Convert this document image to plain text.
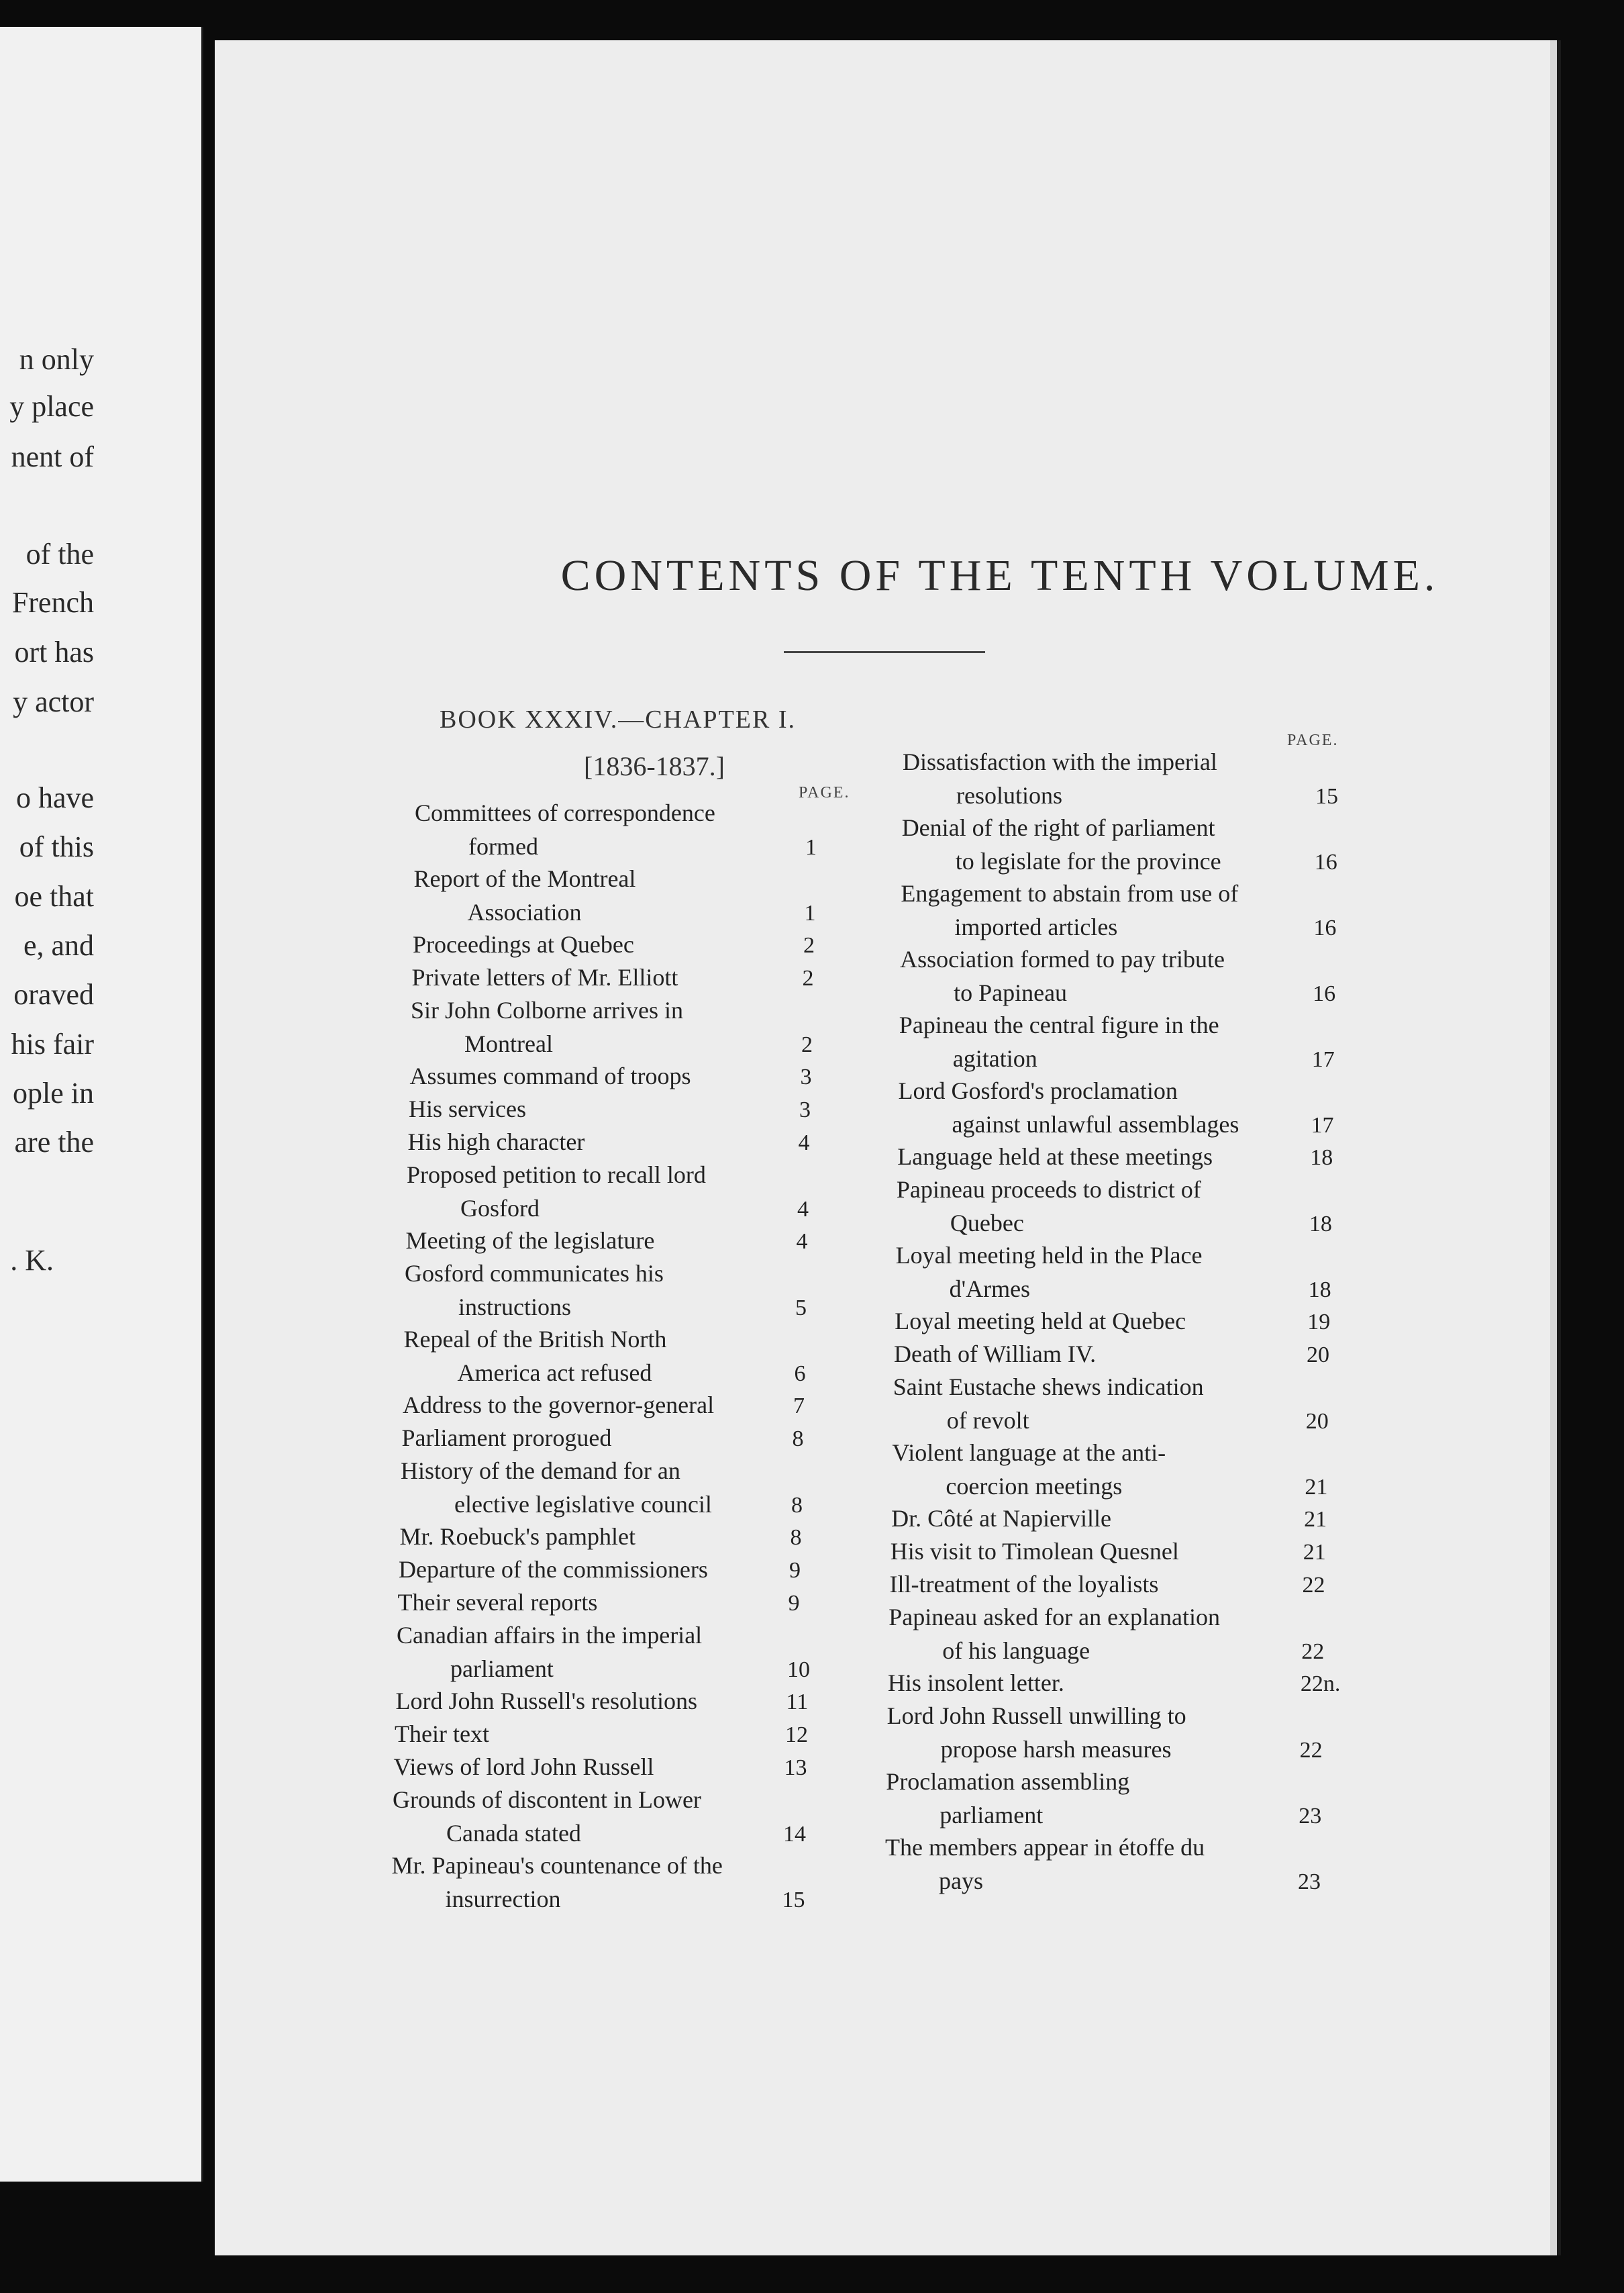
n only
y place
nent of
of the
French
ort has
y actor
o have
of this
oe that
e, and
oraved
his fair
ople in
are the
. K.
CONTENTS OF THE TENTH VOLUME.
BOOK XXXIV.—CHAPTER I.
[1836-1837.]
PAGE.
PAGE.
Committees of correspondence
formed	1
Report of the Montreal
Association	1
Proceedings at Quebec	2
Private letters of Mr. Elliott	2
Sir John Colborne arrives in
Montreal	2
Assumes command of troops	3
His services	3
His high character	4
Proposed petition to recall lord
Gosford	4
Meeting of the legislature	4
Gosford communicates his
instructions	5
Repeal of the British North
America act refused	6
Address to the governor-general	7
Parliament prorogued	8
History of the demand for an
elective legislative council	8
Mr. Roebuck's pamphlet	8
Departure of the commissioners	9
Their several reports	9
Canadian affairs in the imperial
parliament	10
Lord John Russell's resolutions	11
Their text	12
Views of lord John Russell	13
Grounds of discontent in Lower
Canada stated	14
Mr. Papineau's countenance of the
insurrection	15
Dissatisfaction with the imperial
resolutions	15
Denial of the right of parliament
to legislate for the province	16
Engagement to abstain from use of
imported articles	16
Association formed to pay tribute
to Papineau	16
Papineau the central figure in the
agitation	17
Lord Gosford's proclamation
against unlawful assemblages	17
Language held at these meetings	18
Papineau proceeds to district of
Quebec	18
Loyal meeting held in the Place
d'Armes	18
Loyal meeting held at Quebec	19
Death of William IV.	20
Saint Eustache shews indication
of revolt	20
Violent language at the anti-
coercion meetings	21
Dr. Côté at Napierville	21
His visit to Timolean Quesnel	21
Ill-treatment of the loyalists	22
Papineau asked for an explanation
of his language	22
His insolent letter.	22n.
Lord John Russell unwilling to
propose harsh measures	22
Proclamation assembling
parliament	23
The members appear in étoffe du
pays	23
